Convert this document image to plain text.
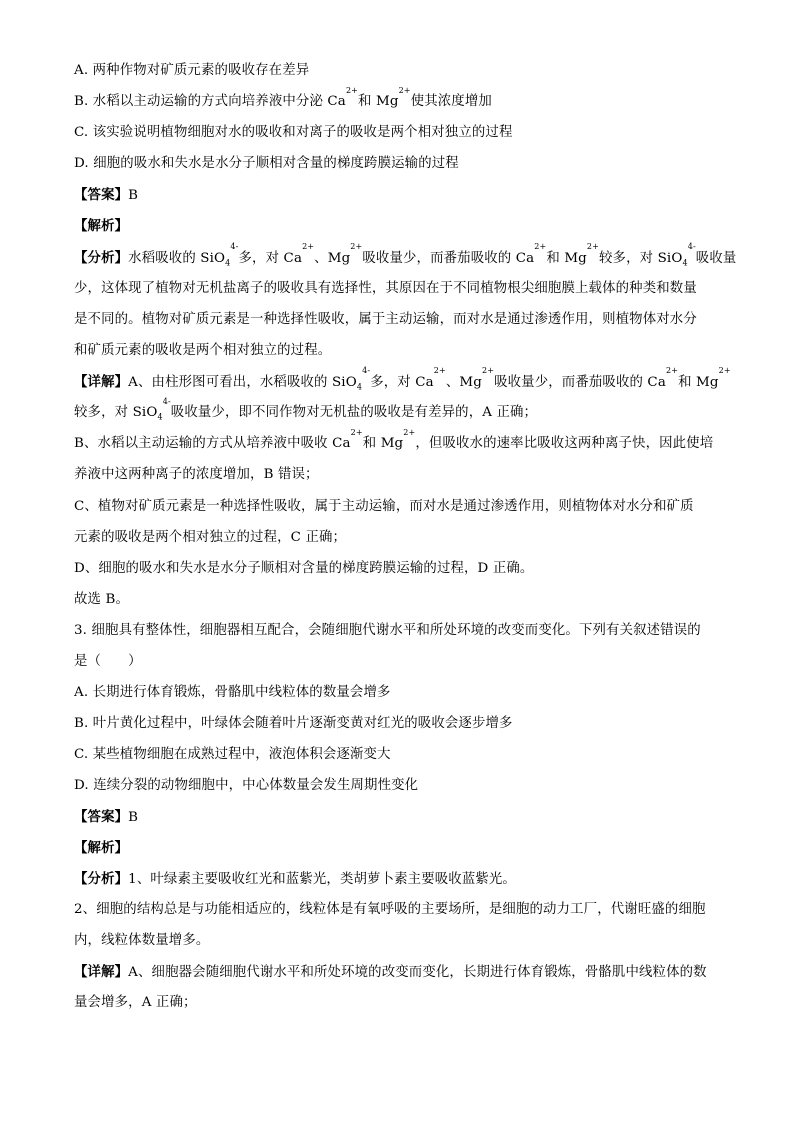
A. 两种作物对矿质元素的吸收存在差异
B. 水稻以主动运输的方式向培养液中分泌 $Ca^{2+}$和 $Mg^{2+}$使其浓度增加
C. 该实验说明植物细胞对水的吸收和对离子的吸收是两个相对独立的过程
D. 细胞的吸水和失水是水分子顺相对含量的梯度跨膜运输的过程
【答案】B
【解析】
【分析】水稻吸收的 SiO$_4^{4-}$多，对 $Ca^{2+}$、$Mg^{2+}$吸收量少，而番茄吸收的 $Ca^{2+}$和 $Mg^{2+}$较多，对 SiO$_4^{4-}$吸收量
少，这体现了植物对无机盐离子的吸收具有选择性，其原因在于不同植物根尖细胞膜上载体的种类和数量
是不同的。植物对矿质元素是一种选择性吸收，属于主动运输，而对水是通过渗透作用，则植物体对水分
和矿质元素的吸收是两个相对独立的过程。
【详解】A、由柱形图可看出，水稻吸收的 SiO$_4^{4-}$多，对 $Ca^{2+}$、$Mg^{2+}$吸收量少，而番茄吸收的 $Ca^{2+}$和 $Mg^{2+}$
较多，对 SiO$_4^{4-}$吸收量少，即不同作物对无机盐的吸收是有差异的，A 正确；
B、水稻以主动运输的方式从培养液中吸收 $Ca^{2+}$和 $Mg^{2+}$，但吸收水的速率比吸收这两种离子快，因此使培
养液中这两种离子的浓度增加，B 错误；
C、植物对矿质元素是一种选择性吸收，属于主动运输，而对水是通过渗透作用，则植物体对水分和矿质
元素的吸收是两个相对独立的过程，C 正确；
D、细胞的吸水和失水是水分子顺相对含量的梯度跨膜运输的过程，D 正确。
故选 B。
3. 细胞具有整体性，细胞器相互配合，会随细胞代谢水平和所处环境的改变而变化。下列有关叙述错误的
是（　　）
A. 长期进行体育锻炼，骨骼肌中线粒体的数量会增多
B. 叶片黄化过程中，叶绿体会随着叶片逐渐变黄对红光的吸收会逐步增多
C. 某些植物细胞在成熟过程中，液泡体积会逐渐变大
D. 连续分裂的动物细胞中，中心体数量会发生周期性变化
【答案】B
【解析】
【分析】1、叶绿素主要吸收红光和蓝紫光，类胡萝卜素主要吸收蓝紫光。
2、细胞的结构总是与功能相适应的，线粒体是有氧呼吸的主要场所，是细胞的动力工厂，代谢旺盛的细胞
内，线粒体数量增多。
【详解】A、细胞器会随细胞代谢水平和所处环境的改变而变化，长期进行体育锻炼，骨骼肌中线粒体的数
量会增多，A 正确；
